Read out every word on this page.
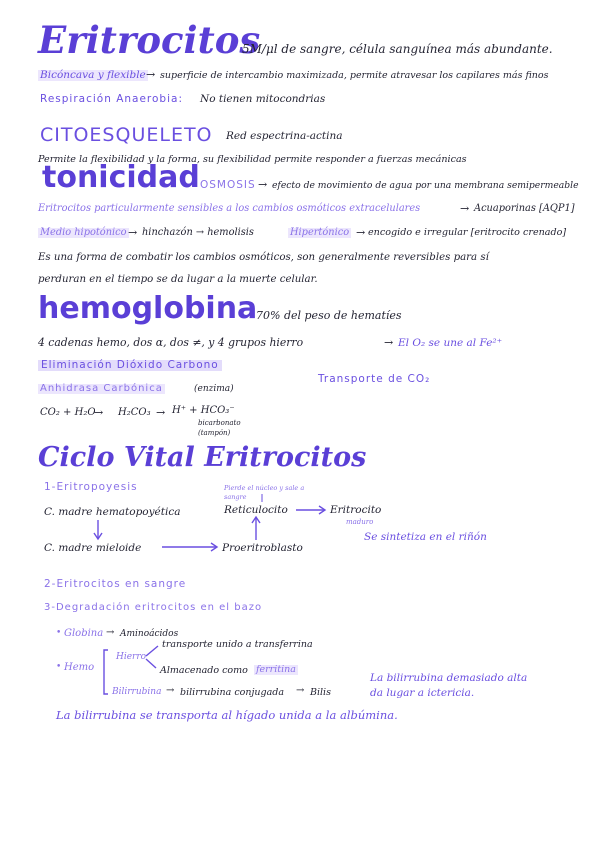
Eritrocitos
5M/μl de sangre, célula sanguínea más abundante.
Bicóncava y flexible → superficie de intercambio maximizada, permite atravesar los capilares más finos
Respiración Anaerobia: No tienen mitocondrias
CITOESQUELETO Red espectrina-actina
Permite la flexibilidad y la forma, su flexibilidad permite responder a fuerzas mecánicas
tonicidad OSMOSIS → efecto de movimiento de agua por una membrana semipermeable
Eritrocitos particularmente sensibles a los cambios osmóticos extracelulares	→ Acuaporinas [AQP1]
Medio hipotónico → hinchazón → hemolisis	Hipertónico → encogido e irregular [eritrocito crenado]
Es una forma de combatir los cambios osmóticos, son generalmente reversibles para sí
perduran en el tiempo se da lugar a la muerte celular.
hemoglobina
70% del peso de hematíes
4 cadenas hemo, dos α, dos ≠, y 4 grupos hierro	→ El O₂ se une al Fe²⁺
Eliminación Dióxido Carbono
Anhidrasa Carbónica	(enzima)
Transporte de CO₂
CO₂ + H₂O
→ H₂CO₃ → H⁺ + HCO₃⁻
bicarbonato
(tampón)
Ciclo Vital Eritrocitos
1-Eritropoyesis	Pierde el núcleo y sale a sangre
C. madre hematopoyética	Reticulocito	Eritrocito
maduro
Se sintetiza en el riñón
C. madre mieloide	Proeritroblasto
2-Eritrocitos en sangre
3-Degradación eritrocitos en el bazo
• Globina → Aminoácidos
• Hemo
Hierro
transporte unido a transferrina
Almacenado como ferritina
Bilirrubina → bilirrubina conjugada → Bilis
La bilirrubina demasiado alta
da lugar a ictericia.
La bilirrubina se transporta al hígado unida a la albúmina.
